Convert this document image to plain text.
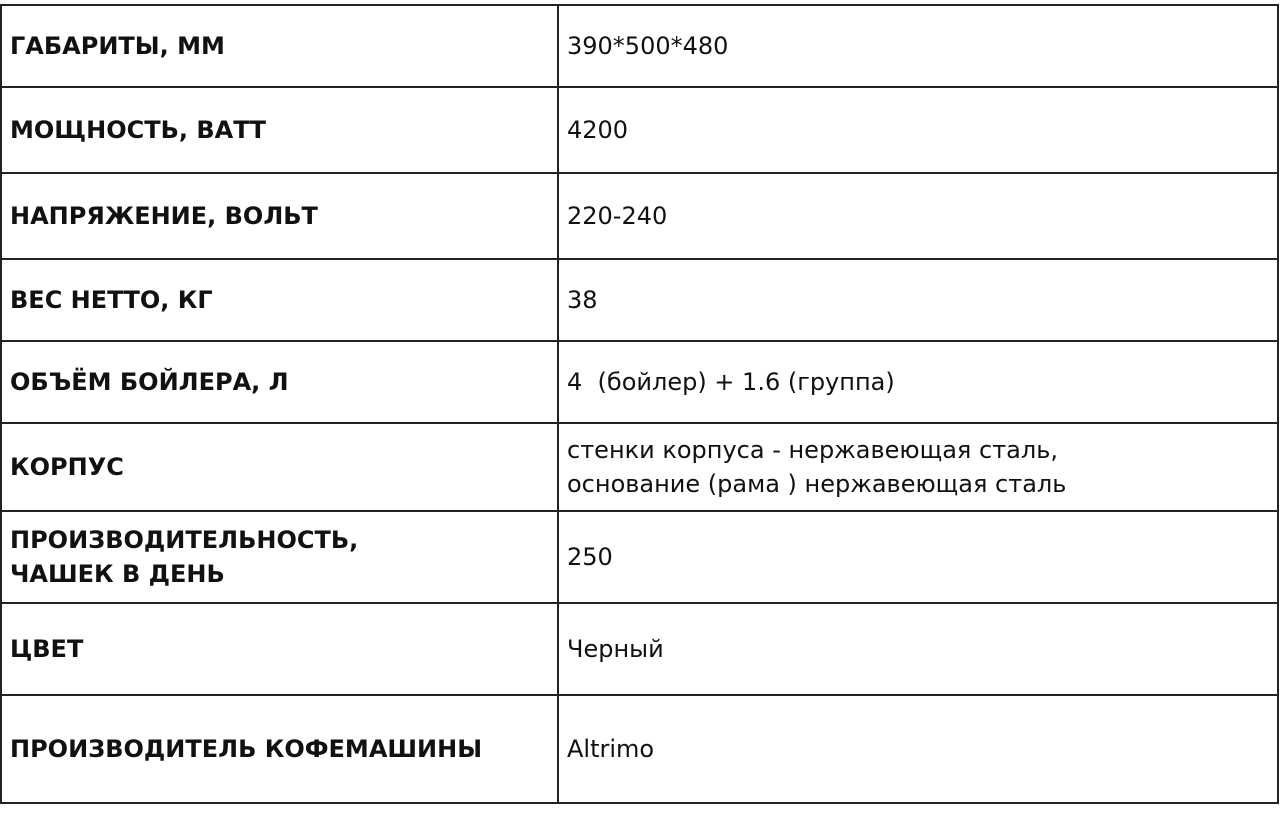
ГАБАРИТЫ, ММ	390*500*480

МОЩНОСТЬ, ВАТТ	4200

НАПРЯЖЕНИЕ, ВОЛЬТ	220-240

ВЕС НЕТТО, КГ	38

ОБЪЁМ БОЙЛЕРА, Л	4  (бойлер) + 1.6 (группа)

КОРПУС	стенки корпуса - нержавеющая сталь,
основание (рама ) нержавеющая сталь

ПРОИЗВОДИТЕЛЬНОСТЬ,
ЧАШЕК В ДЕНЬ	250

ЦВЕТ	Черный

ПРОИЗВОДИТЕЛЬ КОФЕМАШИНЫ	Altrimo
